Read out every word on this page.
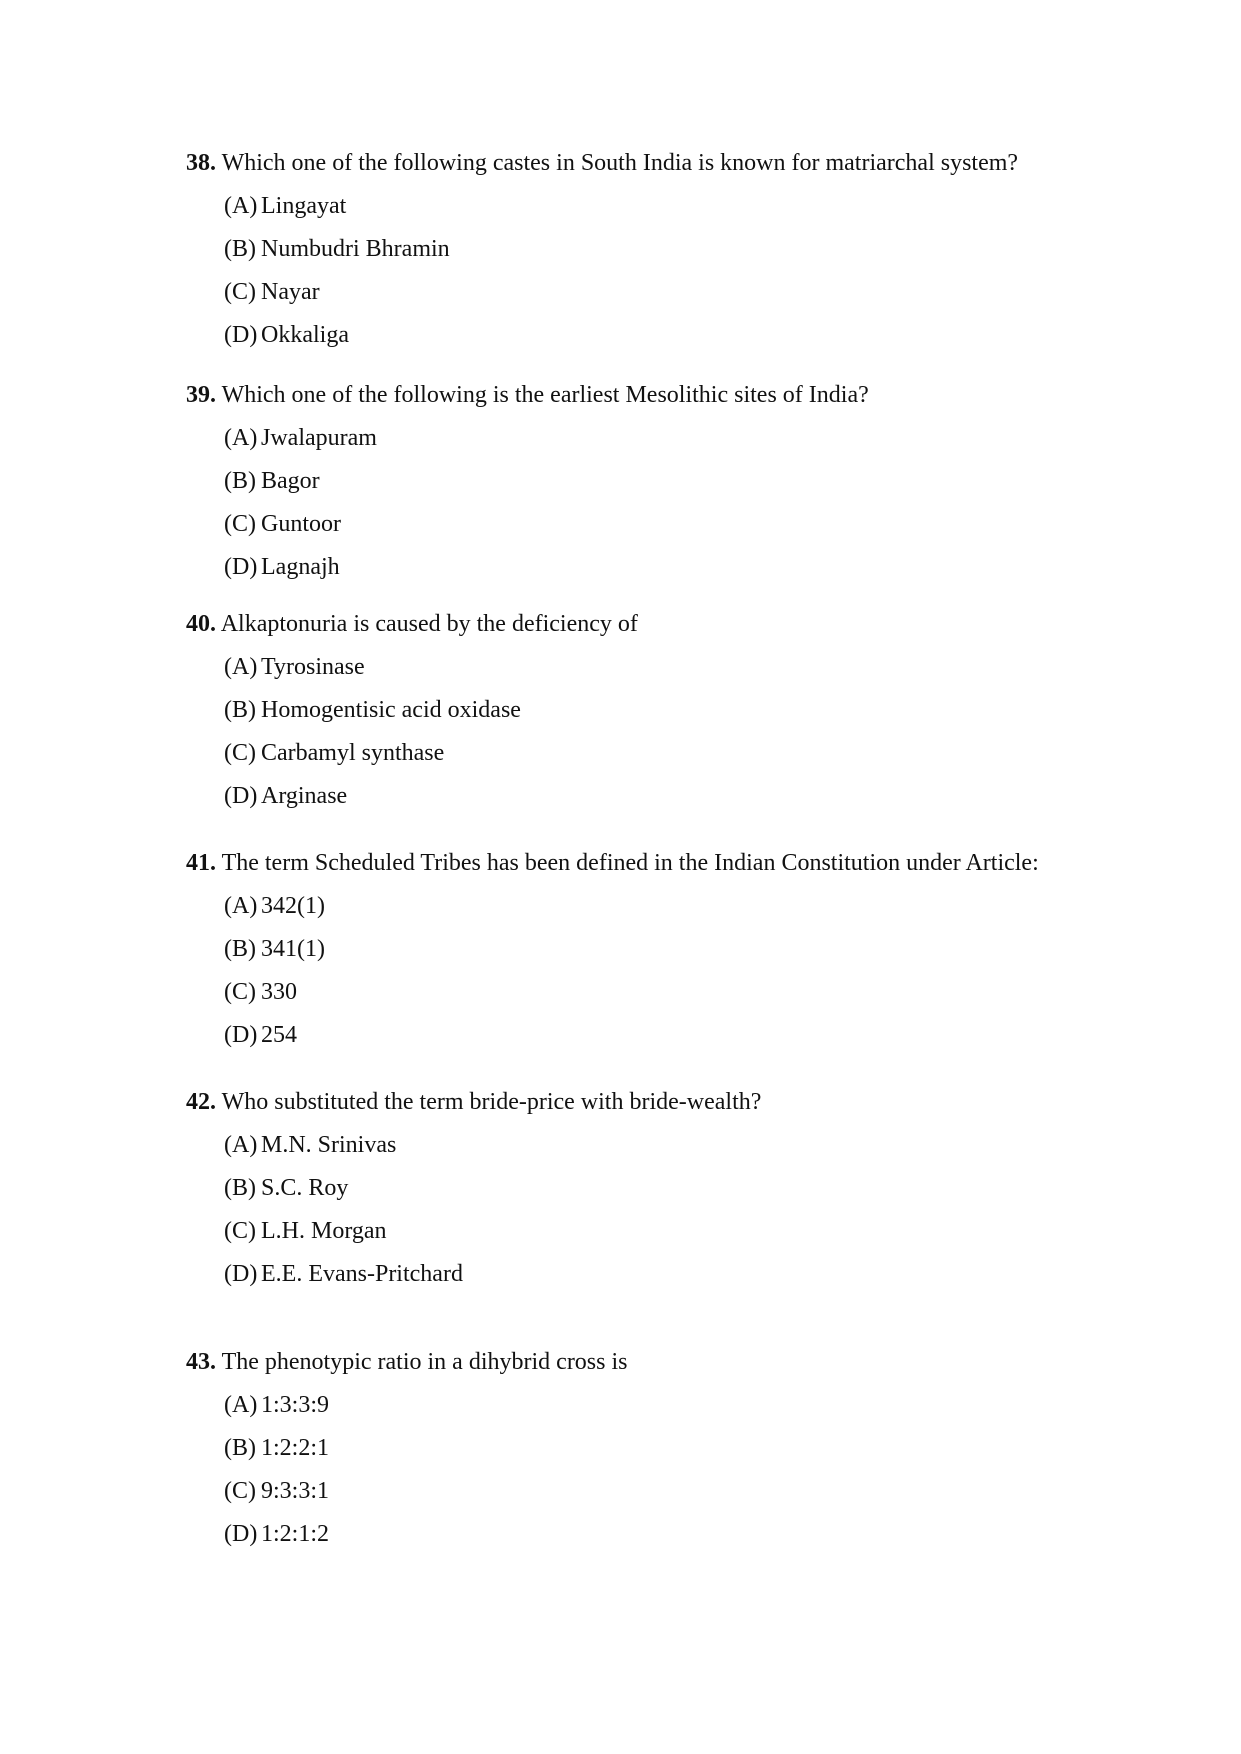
38. Which one of the following castes in South India is known for matriarchal system?
(A) Lingayat
(B) Numbudri Bhramin
(C) Nayar
(D) Okkaliga
39. Which one of the following is the earliest Mesolithic sites of India?
(A) Jwalapuram
(B) Bagor
(C) Guntoor
(D) Lagnajh
40. Alkaptonuria is caused by the deficiency of
(A) Tyrosinase
(B) Homogentisic acid oxidase
(C) Carbamyl synthase
(D) Arginase
41. The term Scheduled Tribes has been defined in the Indian Constitution under Article:
(A) 342(1)
(B) 341(1)
(C) 330
(D) 254
42. Who substituted the term bride-price with bride-wealth?
(A) M.N. Srinivas
(B) S.C. Roy
(C) L.H. Morgan
(D) E.E. Evans-Pritchard
43. The phenotypic ratio in a dihybrid cross is
(A) 1:3:3:9
(B) 1:2:2:1
(C) 9:3:3:1
(D) 1:2:1:2
